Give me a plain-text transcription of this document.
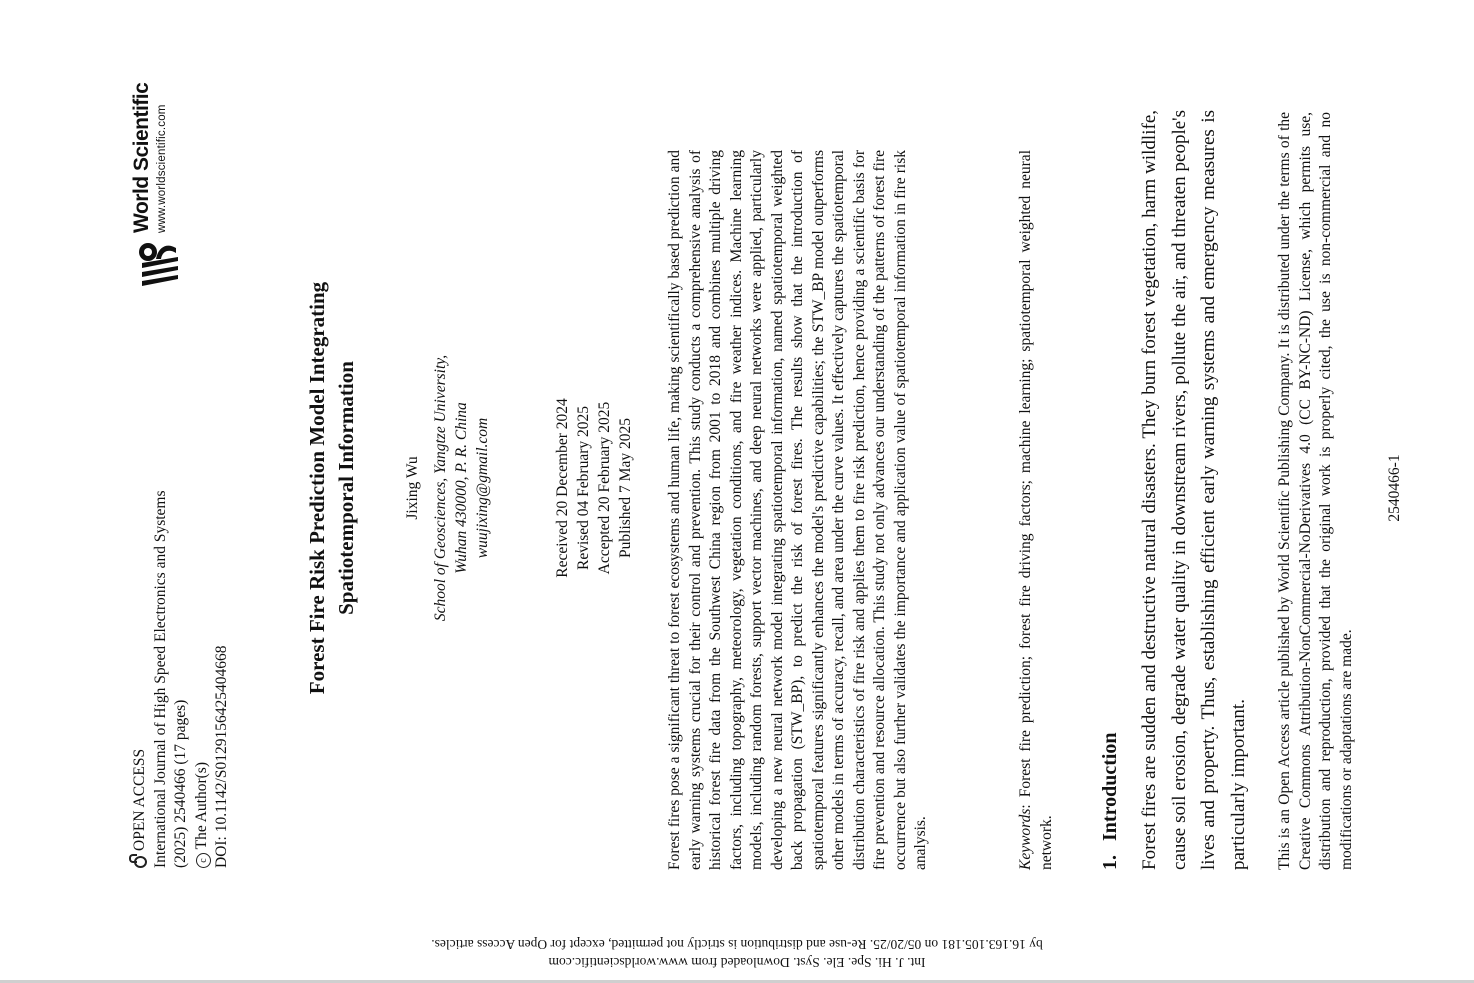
OPEN ACCESS International Journal of High Speed Electronics and Systems (2025) 2540466 (17 pages) c The Author(s) DOI: 10.1142/S0129156425404668
World Scientific www.worldscientific.com
Forest Fire Risk Prediction Model Integrating Spatiotemporal Information	Jixing Wu School of Geosciences, Yangtze University, Wuhan 430000, P. R. China wuujixing@gmail.com	Received 20 December 2024 Revised 04 February 2025 Accepted 20 February 2025 Published 7 May 2025 Forest fires pose a significant threat to forest ecosystems and human life, making scientifically based prediction and early warning systems crucial for their control and prevention. This study conducts a comprehensive analysis of historical forest fire data from the Southwest China region from 2001 to 2018 and combines multiple driving factors, including topography, meteorology, vegetation conditions, and fire weather indices. Machine learning models, including random forests, support vector machines, and deep neural networks were applied, particularly developing a new neural network model integrating spatiotemporal information, named spatiotemporal weighted back propagation (STW_BP), to predict the risk of forest fires. The results show that the introduction of spatiotemporal features significantly enhances the model's predictive capabilities; the STW_BP model outperforms other models in terms of accuracy, recall, and area under the curve values. It effectively captures the spatiotemporal distribution characteristics of fire risk and applies them to fire risk prediction, hence providing a scientific basis for fire prevention and resource allocation. This study not only advances our understanding of the patterns of forest fire occurrence but also further validates the importance and application value of spatiotemporal information in fire risk analysis.	Keywords: Forest fire prediction; forest fire driving factors; machine learning; spatiotemporal weighted neural network. 1.Introduction Forest fires are sudden and destructive natural disasters. They burn forest vegetation, harm wildlife, cause soil erosion, degrade water quality in downstream rivers, pollute the air, and threaten people's lives and property. Thus, establishing efficient early warning systems and emergency measures is particularly important. This is an Open Access article published by World Scientific Publishing Company. It is distributed under the terms of the Creative Commons Attribution-NonCommercial-NoDerivatives 4.0 (CC BY-NC-ND) License, which permits use, distribution and reproduction, provided that the original work is properly cited, the use is non-commercial and no modifications or adaptations are made.
2540466-1
Int. J. Hi. Spe. Ele. Syst. Downloaded from www.worldscientific.com
by 16.163.105.181 on 05/20/25. Re-use and distribution is strictly not permitted, except for Open Access articles.
